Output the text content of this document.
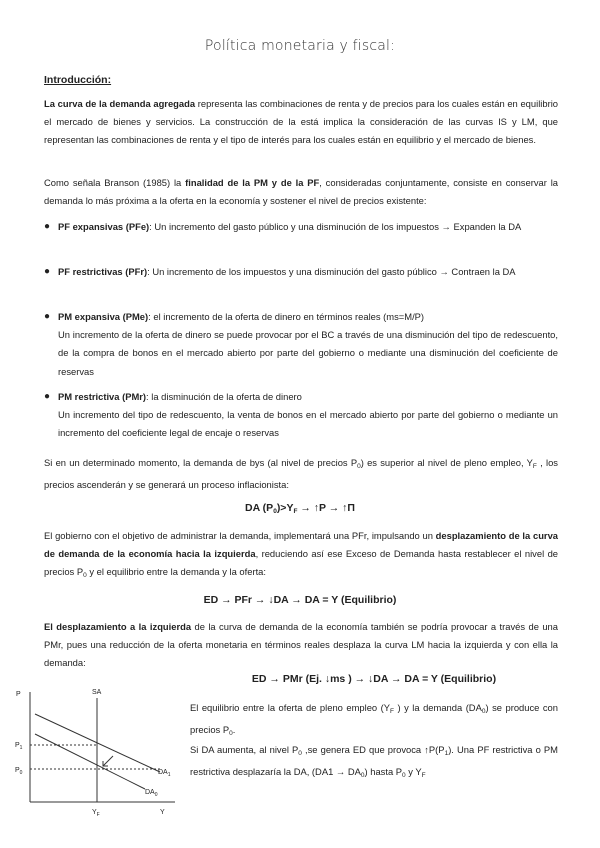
Política monetaria y fiscal:
Introducción:

La curva de la demanda agregada representa las combinaciones de renta y de precios para los cuales están en equilibrio el mercado de bienes y servicios. La construcción de la está implica la consideración de las curvas IS y LM, que representan las combinaciones de renta y el tipo de interés para los cuales están en equilibrio y el mercado de bienes.

Como señala Branson (1985) la finalidad de la PM y de la PF, consideradas conjuntamente, consiste en conservar la demanda lo más próxima a la oferta en la economía y sostener el nivel de precios existente:

● PF expansivas (PFe): Un incremento del gasto público y una disminución de los impuestos → Expanden la DA
● PF restrictivas (PFr): Un incremento de los impuestos y una disminución del gasto público → Contraen la DA
● PM expansiva (PMe): el incremento de la oferta de dinero en términos reales (ms=M/P)
Un incremento de la oferta de dinero se puede provocar por el BC a través de una disminución del tipo de redescuento, de la compra de bonos en el mercado abierto por parte del gobierno o mediante una disminución del coeficiente de reservas
● PM restrictiva (PMr): la disminución de la oferta de dinero
Un incremento del tipo de redescuento, la venta de bonos en el mercado abierto por parte del gobierno o mediante un incremento del coeficiente legal de encaje o reservas

Si en un determinado momento, la demanda de bys (al nivel de precios $P_0$) es superior al nivel de pleno empleo, $Y_F$ , los precios ascenderán y se generará un proceso inflacionista:

DA $(P_0)>Y_F$ → ↑P → ↑Π

El gobierno con el objetivo de administrar la demanda, implementará una PFr, impulsando un desplazamiento de la curva de demanda de la economía hacia la izquierda, reduciendo así ese Exceso de Demanda hasta restablecer el nivel de precios $P_0$ y el equilibrio entre la demanda y la oferta:

ED → PFr → ↓DA → DA = Y (Equilibrio)

El desplazamiento a la izquierda de la curva de demanda de la economía también se podría provocar a través de una PMr, pues una reducción de la oferta monetaria en términos reales desplaza la curva LM hacia la izquierda y con ella la demanda:

ED → PMr (Ej. ↓ms ) → ↓DA → DA = Y (Equilibrio)
P	SA
$P_1$
$P_0$	$DA_1$
$DA_0$
$Y_F$	Y

El equilibrio entre la oferta de pleno empleo ($Y_F$ ) y la demanda $(DA_0)$ se produce con precios $P_0$.

Si DA aumenta, al nivel $P_0$ ,se genera ED que provoca $↑P(P_1)$. Una PF restrictiva o PM restrictiva desplazaría la DA, $(DA1 \to DA_0)$ hasta $P_0$ y $Y_F$
